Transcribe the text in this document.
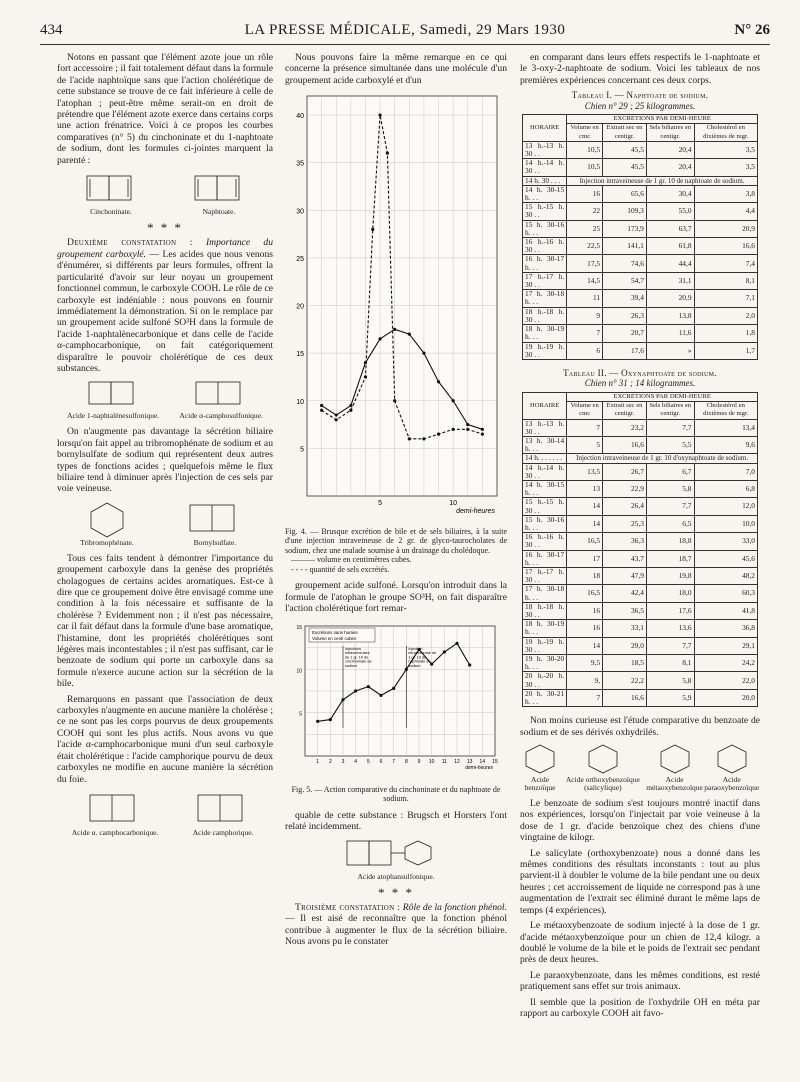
434	LA PRESSE MÉDICALE, Samedi, 29 Mars 1930	N° 26

Notons en passant que l'élément azote joue un rôle fort accessoire ; il fait totalement défaut dans la formule de l'acide naphtoïque sans que l'action cholérétique de cette substance se trouve de ce fait inférieure à celle de l'atophan ; peut-être même serait-on en droit de prétendre que l'élément azote exerce dans certains corps une action frénatrice. Voici à ce propos les courbes comparatives (n° 5) du cinchoninate et du 1-naphtoate de sodium, dont les formules ci-jointes marquent la parenté :

Cinchoninate.	Naphtoate.
* * *

Deuxième constatation : Importance du groupement carboxylé. — Les acides que nous venons d'énumérer, si différents par leurs formules, offrent la particularité d'avoir sur leur noyau un groupement fonctionnel commun, le carboxyle COOH. Le rôle de ce carboxyle est indéniable : nous pouvons en fournir immédiatement la démonstration. Si on le remplace par un groupement acide sulfoné SO³H dans la formule de l'acide 1-naphtalènecarbonique et dans celle de l'acide α-camphocarbonique, on fait catégoriquement disparaître le pouvoir cholérétique de ces deux substances.

Acide 1-naphtalènesulfonique.	Acide α-camphosulfonique.

On n'augmente pas davantage la sécrétion biliaire lorsqu'on fait appel au tribromophénate de sodium et au bornylsulfate de sodium qui représentent deux autres types de fonctions acides ; quelquefois même le flux biliaire tend à diminuer après l'injection de ces sels par voie veineuse.

Tribromophénate.	Bornylsulfate.

Tous ces faits tendent à démontrer l'importance du groupement carboxyle dans la genèse des propriétés cholagogues de certains acides aromatiques. Est-ce à dire que ce groupement doive être envisagé comme une condition à la fois nécessaire et suffisante de la cholérèse ? Evidemment non ; il n'est pas nécessaire, car il fait défaut dans la formule d'une base aromatique, l'histamine, dont les propriétés cholérétiques sont légères mais incontestables ; il n'est pas suffisant, car le benzoate de sodium qui porte un carboxyle dans sa formule n'exerce aucune action sur la sécrétion de la bile.

Remarquons en passant que l'association de deux carboxyles n'augmente en aucune manière la cholérèse ; ce ne sont pas les corps pourvus de deux groupements COOH qui sont les plus actifs. Nous avons vu que l'acide α-camphocarbonique muni d'un seul carboxyle était cholérétique : l'acide camphorique pourvu de deux carboxyles ne modifie en aucune manière la sécrétion du foie.

Acide α. camphocarbonique.	Acide camphorique.

Nous pouvons faire la même remarque en ce qui concerne la présence simultanée dans une molécule d'un groupement acide carboxylé et d'un

5
10
15
20
25
30
35
40
5	10
demi-heures
Fig. 4. — Brusque excrétion de bile et de sels biliaires, à la suite d'une injection intraveineuse de 2 gr. de glyco-taurocholates de sodium, chez une malade soumise à un drainage du cholédoque.
——— volume en centimètres cubes.
- - - - quantité de sels excrétés.

groupement acide sulfoné. Lorsqu'on introduit dans la formule de l'atophan le groupe SO³H, on fait disparaître l'action cholérétique fort remar-

5
10
15
1 2 3 4 5 6 7 8 9 10 11 12 13 14 15
demi-heures
Excrétions sans horaire
Volume en centi cubes
Injections intraveineuses de 1 gr. 10 de cinchoninate de sodium
Injection intraveineuse de 1 gr. 10 de naphtoate de sodium
Fig. 5. — Action comparative du cinchoninate et du naphtoate de sodium.

quable de cette substance : Brugsch et Horsters l'ont relaté incidemment.

Acide atophansulfonique.
* * *

Troisième constatation : Rôle de la fonction phénol. — Il est aisé de reconnaître que la fonction phénol contribue à augmenter le flux de la sécrétion biliaire. Nous avons pu le constater

en comparant dans leurs effets respectifs le 1-naphtoate et le 3-oxy-2-naphtoate de sodium. Voici les tableaux de nos premières expériences concernant ces deux corps.

Tableau I. — Naphtoate de sodium.
Chien n° 29 ; 25 kilogrammes.
HORAIRE	EXCRÉTIONS PAR DEMI-HEURE			
	Volume en cmc	Extrait sec en centigr.	Sels biliaires en centigr.	Cholestérol en dixièmes de mgr.
13 h.-13 h. 30 . .	10,5	45,5	20,4	3,5
14 h.-14 h. 30 . .	10,5	45,5	20,4	3,5
14 h. 30 . . .	Injection intraveineuse de 1 gr. 10 de naphtoate de sodium.			
14 h. 30-15 h. . .	16	65,6	30,4	3,8
15 h.-15 h. 30 . .	22	109,3	55,0	4,4
15 h. 30-16 h. . .	25	173,9	63,7	20,9
16 h.-16 h. 30 . .	22,5	141,1	61,8	16,6
16 h. 30-17 h. . .	17,5	74,6	44,4	7,4
17 h.-17 h. 30 . .	14,5	54,7	31,1	8,1
17 h. 30-18 h. . .	11	39,4	20,9	7,1
18 h.-18 h. 30 . .	9	26,3	13,8	2,0
18 h. 30-19 h. . .	7	20,7	11,6	1,8
19 h.-19 h. 30 . .	6	17,6	»	1,7
Tableau II. — Oxynaphtoate de sodium.
Chien n° 31 ; 14 kilogrammes.
HORAIRE	EXCRÉTIONS PAR DEMI-HEURE			
	Volume en cmc	Extrait sec en centigr.	Sels biliaires en centigr.	Cholestérol en dixièmes de mgr.
13 h.-13 h. 30 . .	7	23,2	7,7	13,4
13 h. 30-14 h. . .	5	16,6	5,5	9,6
14 h. . . . . . .	Injection intraveineuse de 1 gr. 10 d'oxynaphtoate de sodium.			
14 h.-14 h. 30 . .	13,5	26,7	6,7	7,0
14 h. 30-15 h. . .	13	22,9	5,8	6,8
15 h.-15 h. 30 . .	14	26,4	7,7	12,0
15 h. 30-16 h. . .	14	25,3	6,5	10,0
16 h.-16 h. 30 . .	16,5	36,3	18,8	33,0
16 h. 30-17 h. . .	17	43,7	18,7	45,6
17 h.-17 h. 30 . .	18	47,9	19,8	48,2
17 h. 30-18 h. . .	16,5	42,4	18,0	60,3
18 h.-18 h. 30 . .	16	36,5	17,6	41,8
18 h. 30-19 h. . .	16	33,1	13,6	36,8
19 h.-19 h. 30 . .	14	29,0	7,7	29,1
19 h. 30-20 h. . .	9,5	18,5	8,1	24,2
20 h.-20 h. 30 . .	9,	22,2	5,8	22,0
20 h. 30-21 h. . .	7	16,6	5,9	20,0

Non moins curieuse est l'étude comparative du benzoate de sodium et de ses dérivés oxhydrilés.

Acide benzoïque
Acide orthoxybenzoïque (salicylique)
Acide métaoxybenzoïque
Acide paraoxybenzoïque

Le benzoate de sodium s'est toujours montré inactif dans nos expériences, lorsqu'on l'injectait par voie veineuse à la dose de 1 gr. d'acide benzoïque chez des chiens d'une vingtaine de kilogr.

Le salicylate (orthoxybenzoate) nous a donné dans les mêmes conditions des résultats inconstants : tout au plus parvient-il à doubler le volume de la bile pendant une ou deux heures ; cet accroissement de liquide ne correspond pas à une augmentation de l'extrait sec éliminé durant le même laps de temps (4 expériences).

Le métaoxybenzoate de sodium injecté à la dose de 1 gr. d'acide métaoxybenzoïque pour un chien de 12,4 kilogr. a doublé le volume de la bile et le poids de l'extrait sec pendant près de deux heures.

Le paraoxybenzoate, dans les mêmes conditions, est resté pratiquement sans effet sur trois animaux.

Il semble que la position de l'oxhydrile OH en méta par rapport au carboxyle COOH ait favo-
